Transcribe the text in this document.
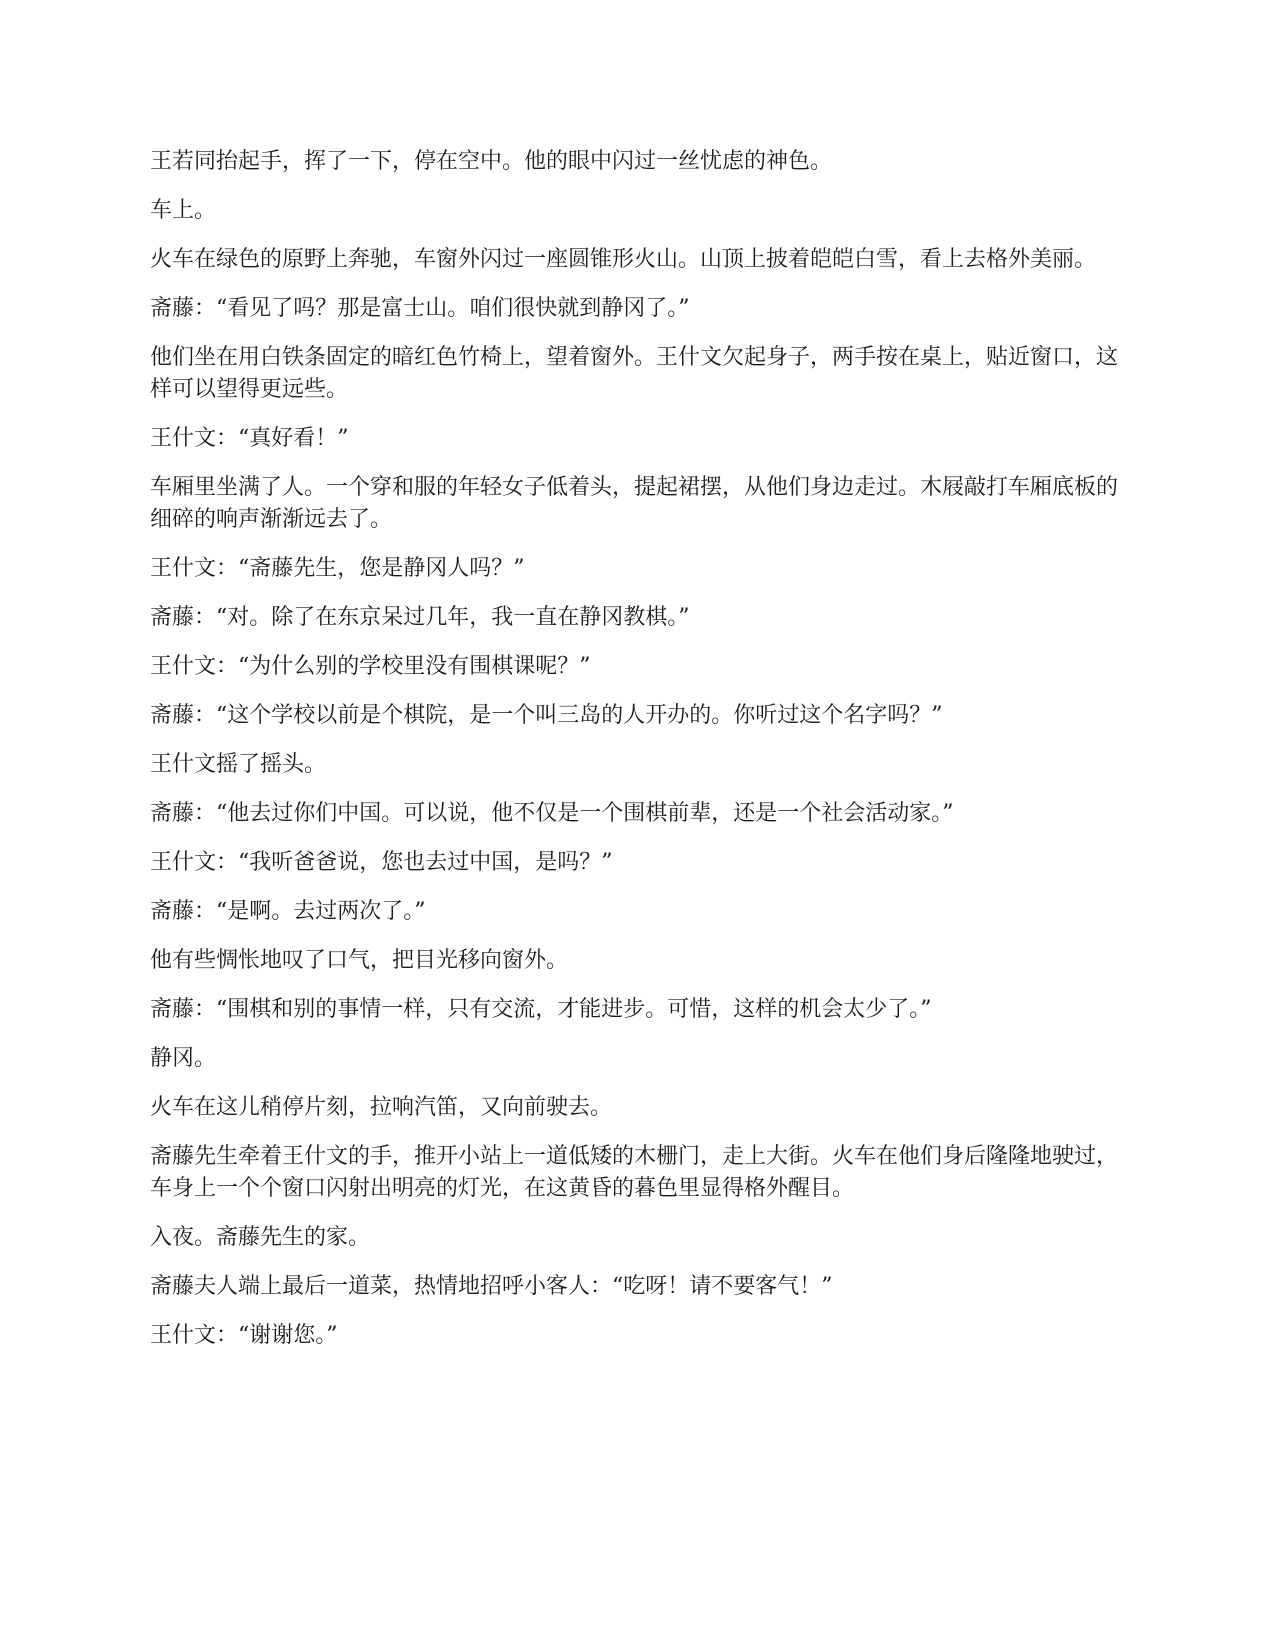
王若同抬起手，挥了一下，停在空中。他的眼中闪过一丝忧虑的神色。

车上。

火车在绿色的原野上奔驰，车窗外闪过一座圆锥形火山。山顶上披着皑皑白雪，看上去格外美丽。

斋藤：“看见了吗？那是富士山。咱们很快就到静冈了。”

他们坐在用白铁条固定的暗红色竹椅上，望着窗外。王什文欠起身子，两手按在桌上，贴近窗口，这样可以望得更远些。

王什文：“真好看！”

车厢里坐满了人。一个穿和服的年轻女子低着头，提起裙摆，从他们身边走过。木屐敲打车厢底板的细碎的响声渐渐远去了。

王什文：“斋藤先生，您是静冈人吗？”

斋藤：“对。除了在东京呆过几年，我一直在静冈教棋。”

王什文：“为什么别的学校里没有围棋课呢？”

斋藤：“这个学校以前是个棋院，是一个叫三岛的人开办的。你听过这个名字吗？”

王什文摇了摇头。

斋藤：“他去过你们中国。可以说，他不仅是一个围棋前辈，还是一个社会活动家。”

王什文：“我听爸爸说，您也去过中国，是吗？”

斋藤：“是啊。去过两次了。”

他有些惆怅地叹了口气，把目光移向窗外。

斋藤：“围棋和别的事情一样，只有交流，才能进步。可惜，这样的机会太少了。”

静冈。

火车在这儿稍停片刻，拉响汽笛，又向前驶去。

斋藤先生牵着王什文的手，推开小站上一道低矮的木栅门，走上大街。火车在他们身后隆隆地驶过，车身上一个个窗口闪射出明亮的灯光，在这黄昏的暮色里显得格外醒目。

入夜。斋藤先生的家。

斋藤夫人端上最后一道菜，热情地招呼小客人：“吃呀！请不要客气！”

王什文：“谢谢您。”
